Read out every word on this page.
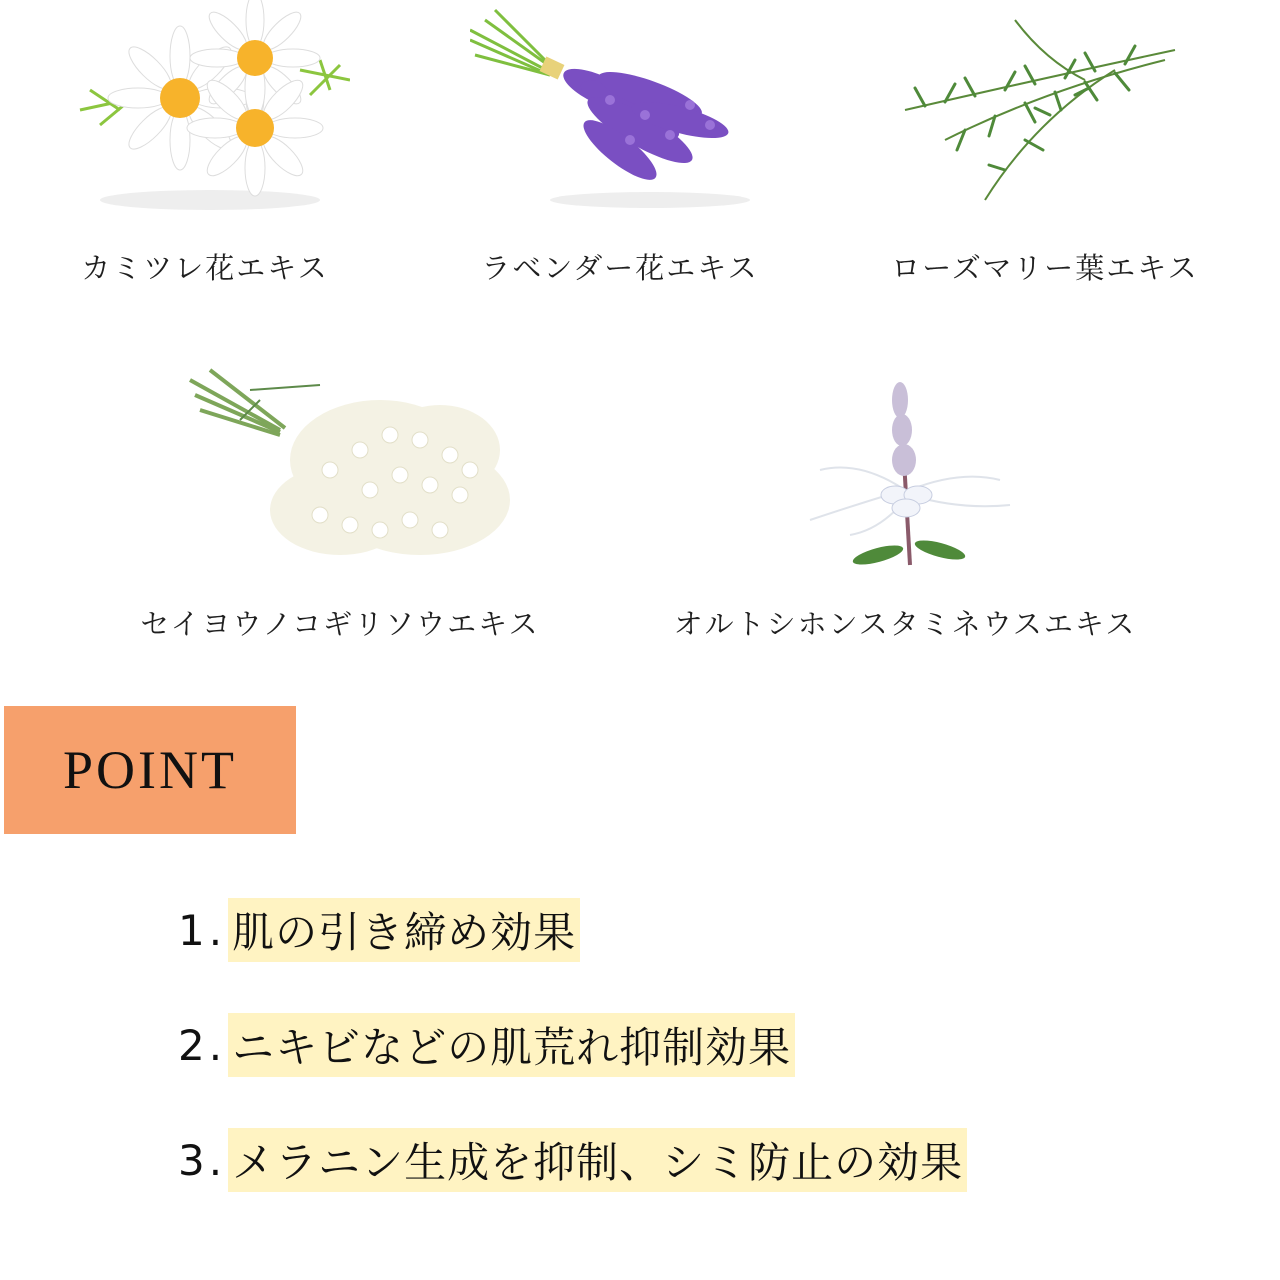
カミツレ花エキス	ラベンダー花エキス	ローズマリー葉エキス
セイヨウノコギリソウエキス	オルトシホンスタミネウスエキス
POINT
1. 肌の引き締め効果
2. ニキビなどの肌荒れ抑制効果
3. メラニン生成を抑制、シミ防止の効果
